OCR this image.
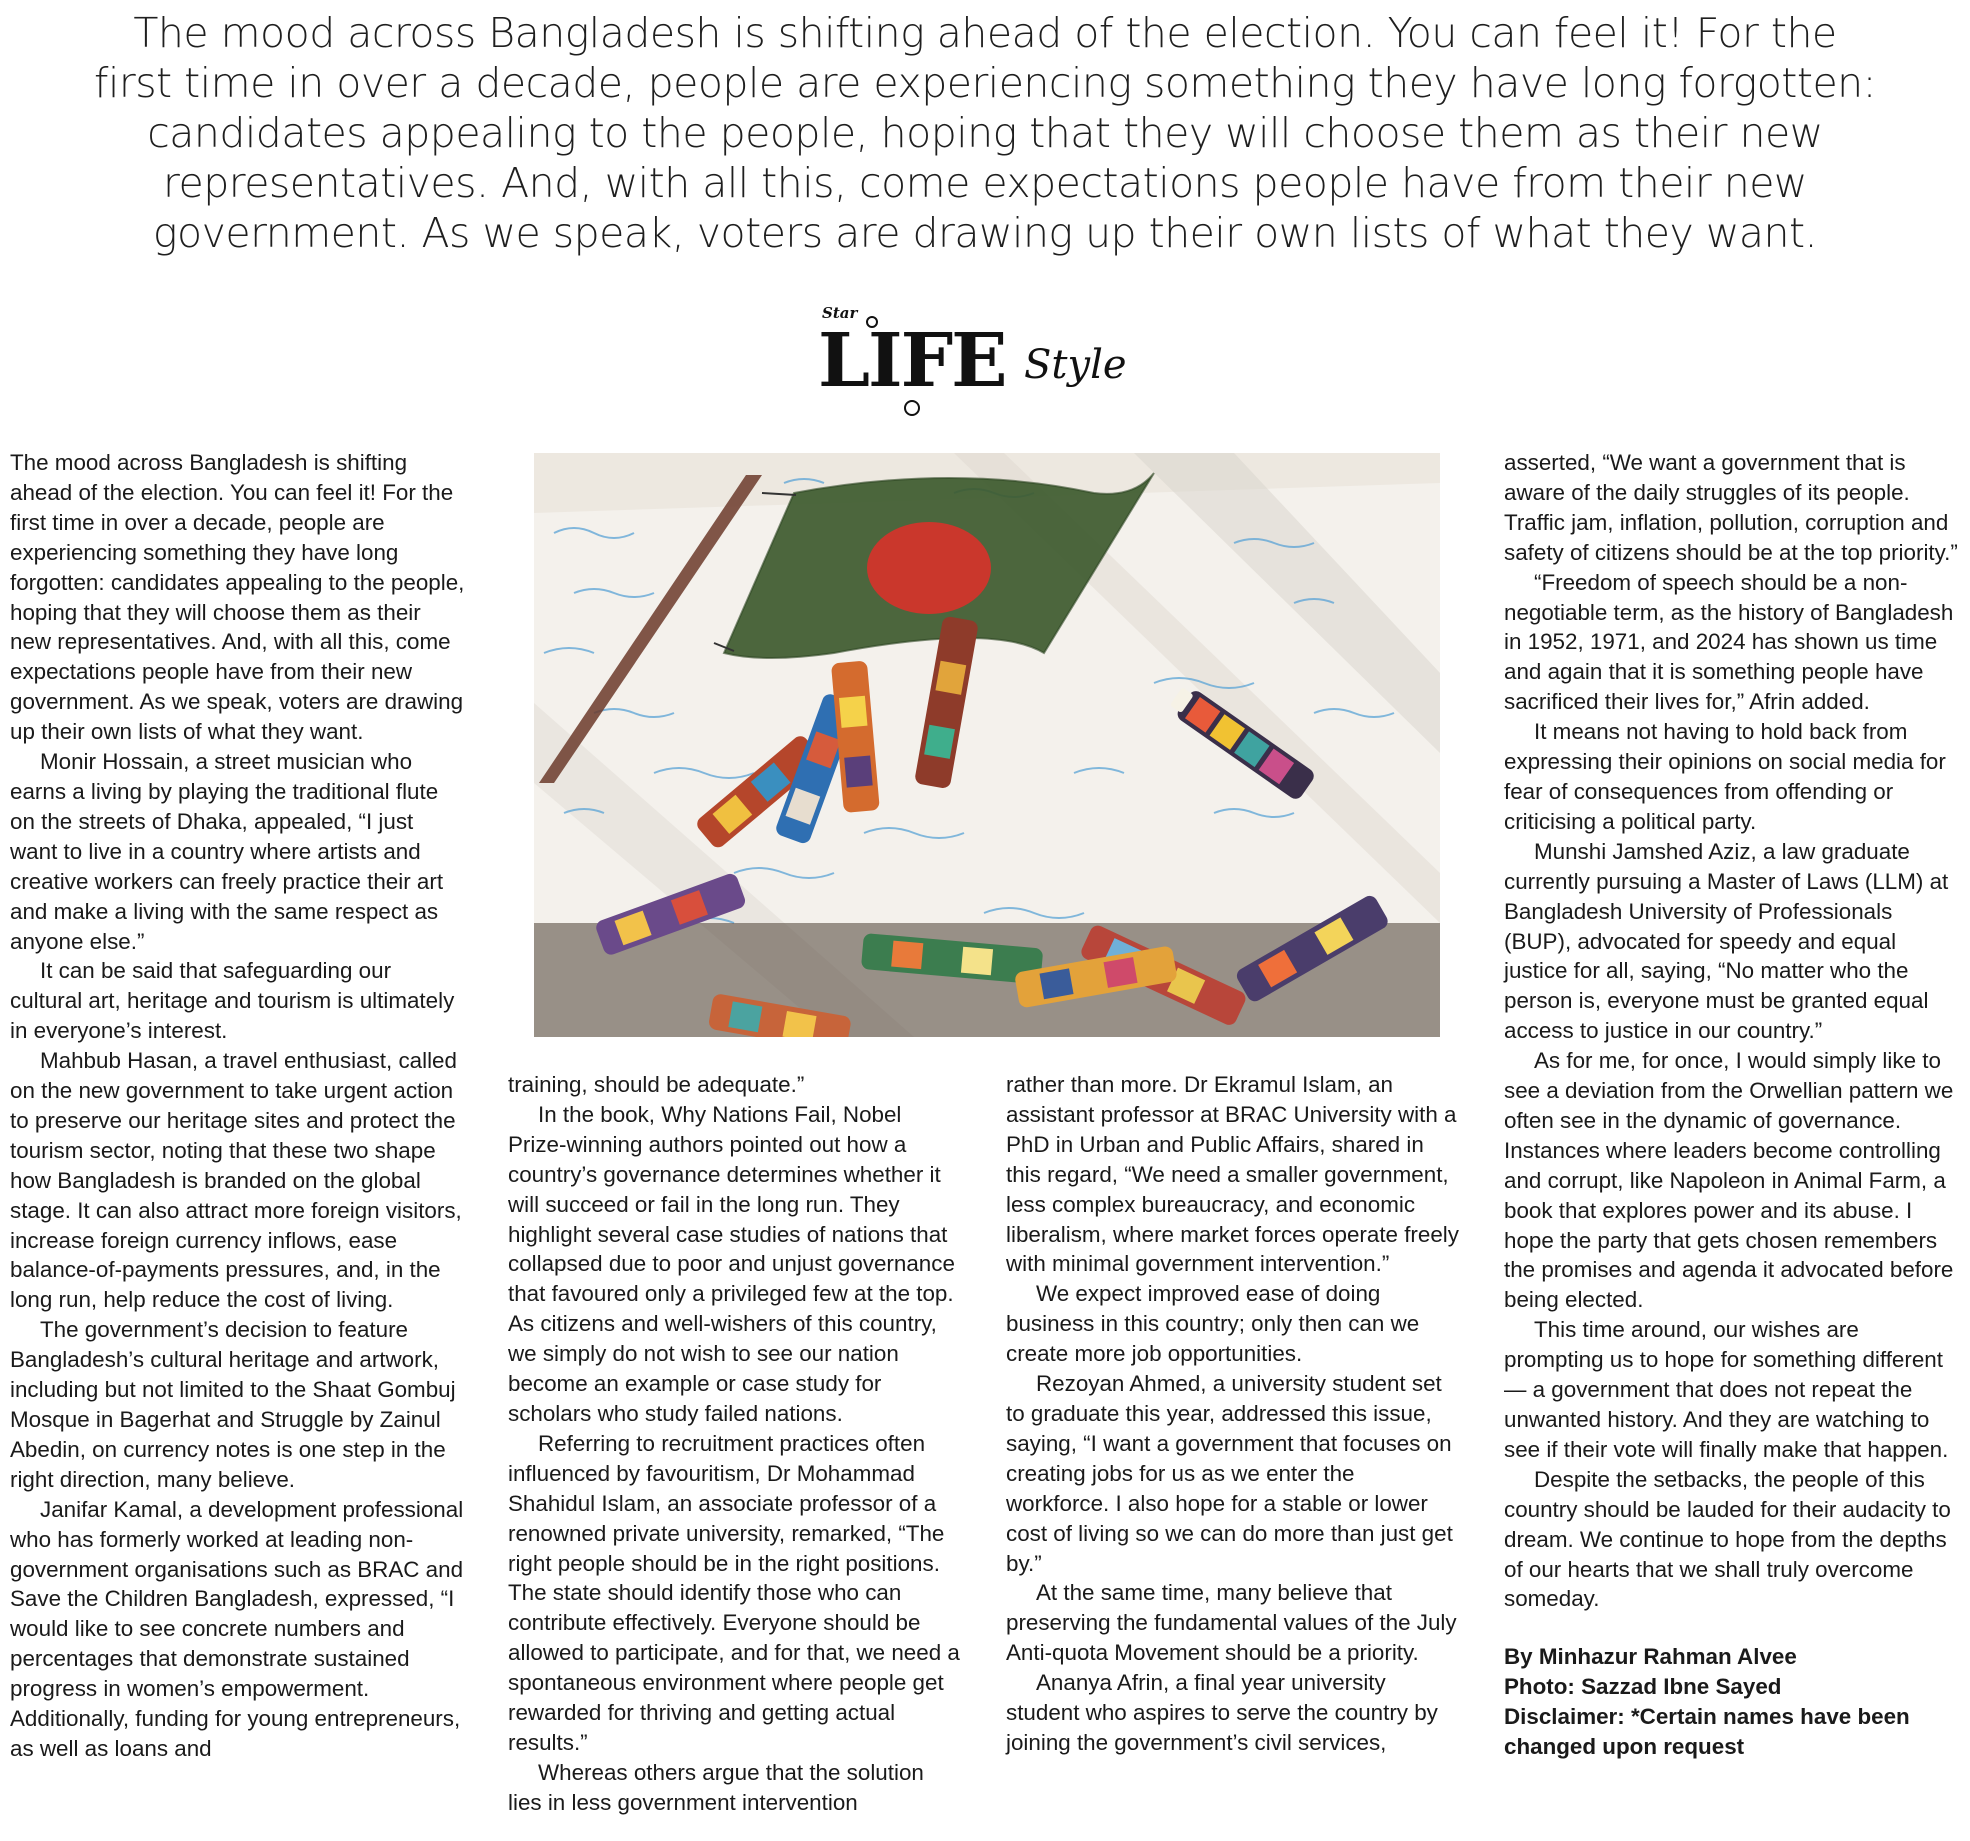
The mood across Bangladesh is shifting ahead of the election. You can feel it! For the first time in over a decade, people are experiencing something they have long forgotten: candidates appealing to the people, hoping that they will choose them as their new representatives. And, with all this, come expectations people have from their new government. As we speak, voters are drawing up their own lists of what they want.

Star
LIFE Style

The mood across Bangladesh is shifting ahead of the election. You can feel it! For the first time in over a decade, people are experiencing something they have long forgotten: candidates appealing to the people, hoping that they will choose them as their new representatives. And, with all this, come expectations people have from their new government. As we speak, voters are drawing up their own lists of what they want.

Monir Hossain, a street musician who earns a living by playing the traditional flute on the streets of Dhaka, appealed, “I just want to live in a country where artists and creative workers can freely practice their art and make a living with the same respect as anyone else.”

It can be said that safeguarding our cultural art, heritage and tourism is ultimately in everyone’s interest.

Mahbub Hasan, a travel enthusiast, called on the new government to take urgent action to preserve our heritage sites and protect the tourism sector, noting that these two shape how Bangladesh is branded on the global stage. It can also attract more foreign visitors, increase foreign currency inflows, ease balance-of-payments pressures, and, in the long run, help reduce the cost of living.

The government’s decision to feature Bangladesh’s cultural heritage and artwork, including but not limited to the Shaat Gombuj Mosque in Bagerhat and Struggle by Zainul Abedin, on currency notes is one step in the right direction, many believe.

Janifar Kamal, a development professional who has formerly worked at leading non-government organisations such as BRAC and Save the Children Bangladesh, expressed, “I would like to see concrete numbers and percentages that demonstrate sustained progress in women’s empowerment. Additionally, funding for young entrepreneurs, as well as loans and

training, should be adequate.”

In the book, Why Nations Fail, Nobel Prize-winning authors pointed out how a country’s governance determines whether it will succeed or fail in the long run. They highlight several case studies of nations that collapsed due to poor and unjust governance that favoured only a privileged few at the top. As citizens and well-wishers of this country, we simply do not wish to see our nation become an example or case study for scholars who study failed nations.

Referring to recruitment practices often influenced by favouritism, Dr Mohammad Shahidul Islam, an associate professor of a renowned private university, remarked, “The right people should be in the right positions. The state should identify those who can contribute effectively. Everyone should be allowed to participate, and for that, we need a spontaneous environment where people get rewarded for thriving and getting actual results.”

Whereas others argue that the solution lies in less government intervention

rather than more. Dr Ekramul Islam, an assistant professor at BRAC University with a PhD in Urban and Public Affairs, shared in this regard, “We need a smaller government, less complex bureaucracy, and economic liberalism, where market forces operate freely with minimal government intervention.”

We expect improved ease of doing business in this country; only then can we create more job opportunities.

Rezoyan Ahmed, a university student set to graduate this year, addressed this issue, saying, “I want a government that focuses on creating jobs for us as we enter the workforce. I also hope for a stable or lower cost of living so we can do more than just get by.”

At the same time, many believe that preserving the fundamental values of the July Anti-quota Movement should be a priority.

Ananya Afrin, a final year university student who aspires to serve the country by joining the government’s civil services,

asserted, “We want a government that is aware of the daily struggles of its people. Traffic jam, inflation, pollution, corruption and safety of citizens should be at the top priority.”

“Freedom of speech should be a non-negotiable term, as the history of Bangladesh in 1952, 1971, and 2024 has shown us time and again that it is something people have sacrificed their lives for,” Afrin added.

It means not having to hold back from expressing their opinions on social media for fear of consequences from offending or criticising a political party.

Munshi Jamshed Aziz, a law graduate currently pursuing a Master of Laws (LLM) at Bangladesh University of Professionals (BUP), advocated for speedy and equal justice for all, saying, “No matter who the person is, everyone must be granted equal access to justice in our country.”

As for me, for once, I would simply like to see a deviation from the Orwellian pattern we often see in the dynamic of governance. Instances where leaders become controlling and corrupt, like Napoleon in Animal Farm, a book that explores power and its abuse. I hope the party that gets chosen remembers the promises and agenda it advocated before being elected.

This time around, our wishes are prompting us to hope for something different — a government that does not repeat the unwanted history. And they are watching to see if their vote will finally make that happen.

Despite the setbacks, the people of this country should be lauded for their audacity to dream. We continue to hope from the depths of our hearts that we shall truly overcome someday.

By Minhazur Rahman Alvee
Photo: Sazzad Ibne Sayed
Disclaimer: *Certain names have been changed upon request
